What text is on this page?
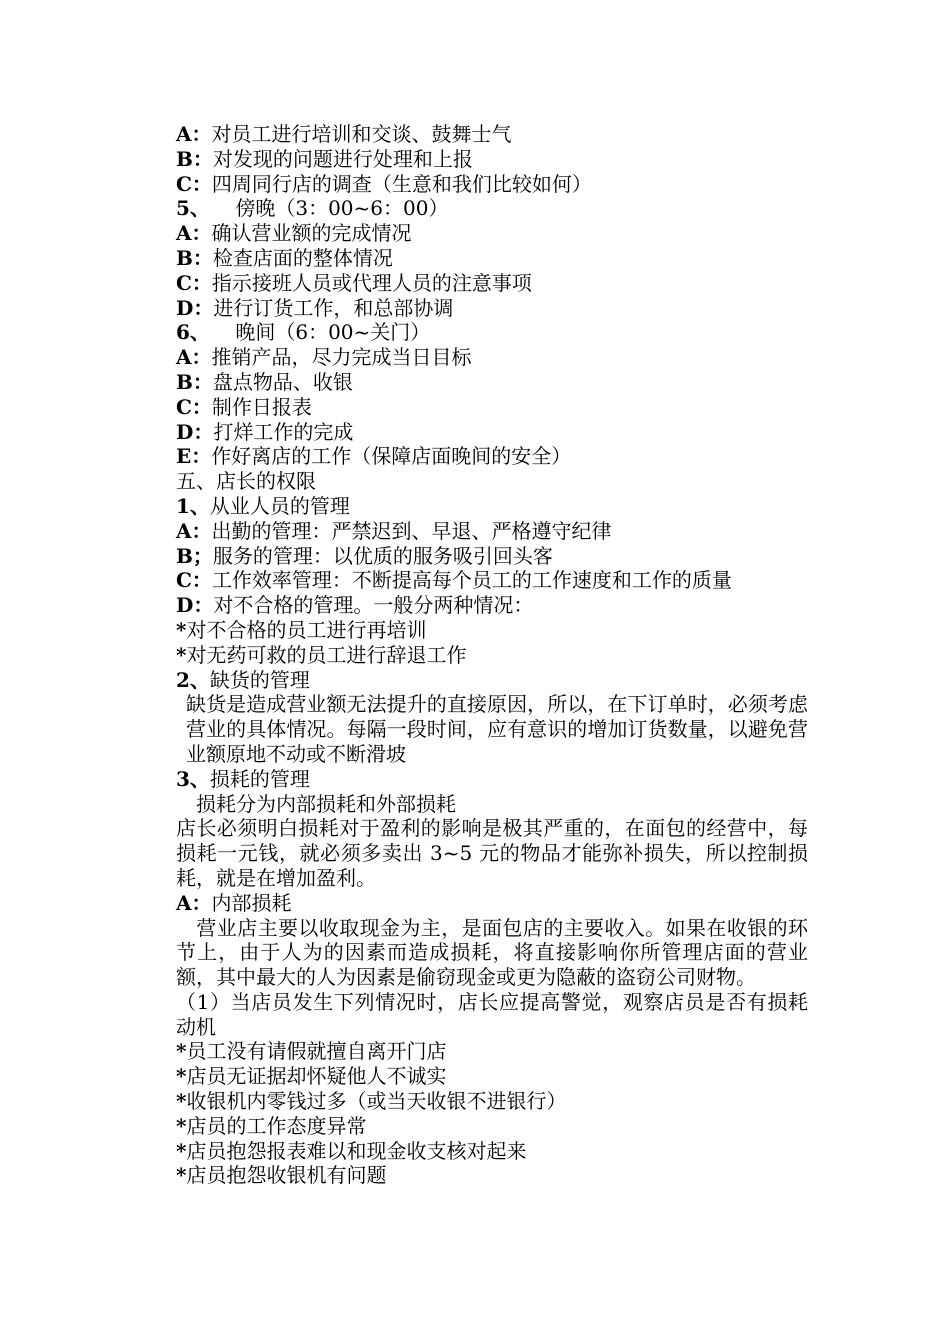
A：对员工进行培训和交谈、鼓舞士气
B：对发现的问题进行处理和上报
C：四周同行店的调查（生意和我们比较如何）
5、    傍晚（3：00~6：00）
A：确认营业额的完成情况
B：检查店面的整体情况
C：指示接班人员或代理人员的注意事项
D：进行订货工作，和总部协调
6、    晚间（6：00~关门）
A：推销产品，尽力完成当日目标
B：盘点物品、收银
C：制作日报表
D：打烊工作的完成
E：作好离店的工作（保障店面晚间的安全）
五、店长的权限
1、从业人员的管理
A：出勤的管理：严禁迟到、早退、严格遵守纪律
B；服务的管理：以优质的服务吸引回头客
C：工作效率管理：不断提高每个员工的工作速度和工作的质量
D：对不合格的管理。一般分两种情况：
*对不合格的员工进行再培训
*对无药可救的员工进行辞退工作
2、缺货的管理
缺货是造成营业额无法提升的直接原因，所以，在下订单时，必须考虑营业的具体情况。每隔一段时间，应有意识的增加订货数量，以避免营业额原地不动或不断滑坡
3、损耗的管理
损耗分为内部损耗和外部损耗
店长必须明白损耗对于盈利的影响是极其严重的，在面包的经营中，每损耗一元钱，就必须多卖出 3~5 元的物品才能弥补损失，所以控制损耗，就是在增加盈利。
A：内部损耗
营业店主要以收取现金为主，是面包店的主要收入。如果在收银的环节上，由于人为的因素而造成损耗，将直接影响你所管理店面的营业额，其中最大的人为因素是偷窃现金或更为隐蔽的盗窃公司财物。
（1）当店员发生下列情况时，店长应提高警觉，观察店员是否有损耗动机
*员工没有请假就擅自离开门店
*店员无证据却怀疑他人不诚实
*收银机内零钱过多（或当天收银不进银行）
*店员的工作态度异常
*店员抱怨报表难以和现金收支核对起来
*店员抱怨收银机有问题
